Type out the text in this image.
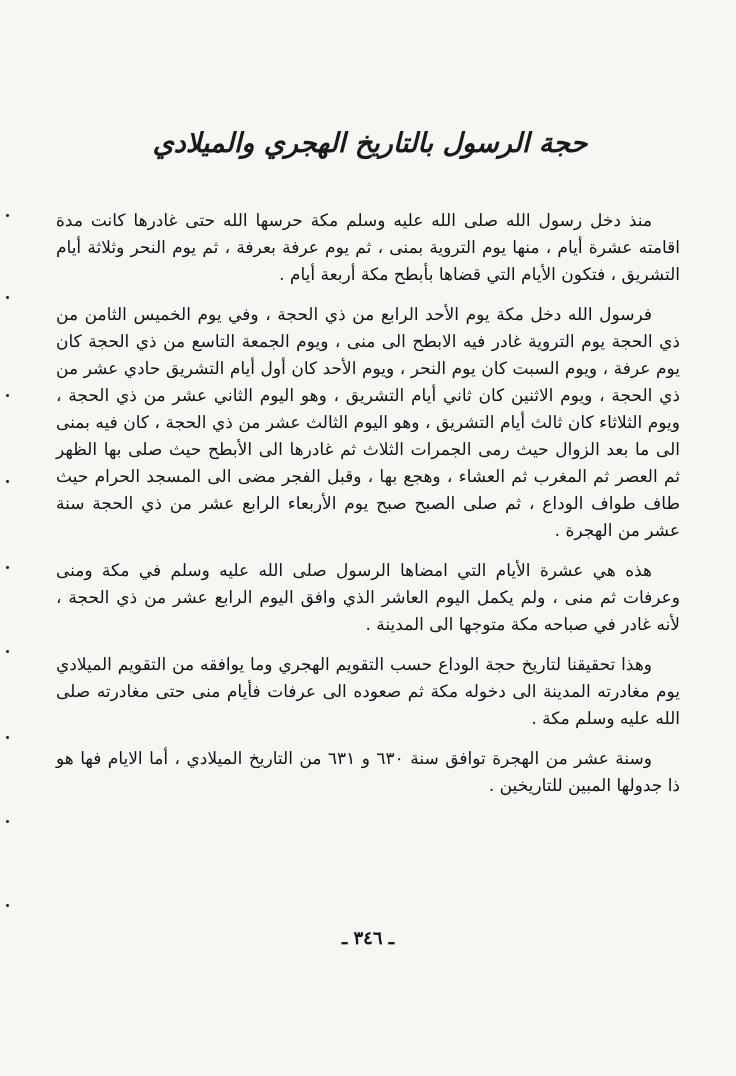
حجة الرسول بالتاريخ الهجري والميلادي

منذ دخل رسول الله صلى الله عليه وسلم مكة حرسها الله حتى غادرها كانت مدة اقامته عشرة أيام ، منها يوم التروية بمنى ، ثم يوم عرفة بعرفة ، ثم يوم النحر وثلاثة أيام التشريق ، فتكون الأيام التي قضاها بأبطح مكة أربعة أيام .

فرسول الله دخل مكة يوم الأحد الرابع من ذي الحجة ، وفي يوم الخميس الثامن من ذي الحجة يوم التروية غادر فيه الابطح الى منى ، ويوم الجمعة التاسع من ذي الحجة كان يوم عرفة ، ويوم السبت كان يوم النحر ، ويوم الأحد كان أول أيام التشريق حادي عشر من ذي الحجة ، ويوم الاثنين كان ثاني أيام التشريق ، وهو اليوم الثاني عشر من ذي الحجة ، ويوم الثلاثاء كان ثالث أيام التشريق ، وهو اليوم الثالث عشر من ذي الحجة ، كان فيه بمنى الى ما بعد الزوال حيث رمى الجمرات الثلاث ثم غادرها الى الأبطح حيث صلى بها الظهر ثم العصر ثم المغرب ثم العشاء ، وهجع بها ، وقبل الفجر مضى الى المسجد الحرام حيث طاف طواف الوداع ، ثم صلى الصبح صبح يوم الأربعاء الرابع عشر من ذي الحجة سنة عشر من الهجرة .

هذه هي عشرة الأيام التي امضاها الرسول صلى الله عليه وسلم في مكة ومنى وعرفات ثم منى ، ولم يكمل اليوم العاشر الذي وافق اليوم الرابع عشر من ذي الحجة ، لأنه غادر في صباحه مكة متوجها الى المدينة .

وهذا تحقيقنا لتاريخ حجة الوداع حسب التقويم الهجري وما يوافقه من التقويم الميلادي يوم مغادرته المدينة الى دخوله مكة ثم صعوده الى عرفات فأيام منى حتى مغادرته صلى الله عليه وسلم مكة .

وسنة عشر من الهجرة توافق سنة ٦٣٠ و ٦٣١ من التاريخ الميلادي ، أما الايام فها هو ذا جدولها المبين للتاريخين .

ـ ٣٤٦ ـ
